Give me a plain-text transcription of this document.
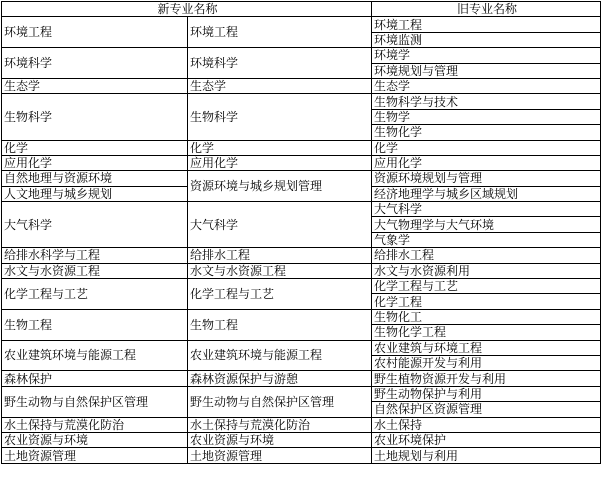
新专业名称		旧专业名称
环境工程	环境工程	环境工程
		环境监测
环境科学	环境科学	环境学
		环境规划与管理
生态学	生态学	生态学
生物科学	生物科学	生物科学与技术
		生物学
		生物化学
化学	化学	化学
应用化学	应用化学	应用化学
自然地理与资源环境	资源环境与城乡规划管理	资源环境规划与管理
人文地理与城乡规划		经济地理学与城乡区域规划
大气科学	大气科学	大气科学
		大气物理学与大气环境
		气象学
给排水科学与工程	给排水工程	给排水工程
水文与水资源工程	水文与水资源工程	水文与水资源利用
化学工程与工艺	化学工程与工艺	化学工程与工艺
		化学工程
生物工程	生物工程	生物化工
		生物化学工程
农业建筑环境与能源工程	农业建筑环境与能源工程	农业建筑与环境工程
		农村能源开发与利用
森林保护	森林资源保护与游憩	野生植物资源开发与利用
野生动物与自然保护区管理	野生动物与自然保护区管理	野生动物保护与利用
		自然保护区资源管理
水土保持与荒漠化防治	水土保持与荒漠化防治	水土保持
农业资源与环境	农业资源与环境	农业环境保护
土地资源管理	土地资源管理	土地规划与利用
